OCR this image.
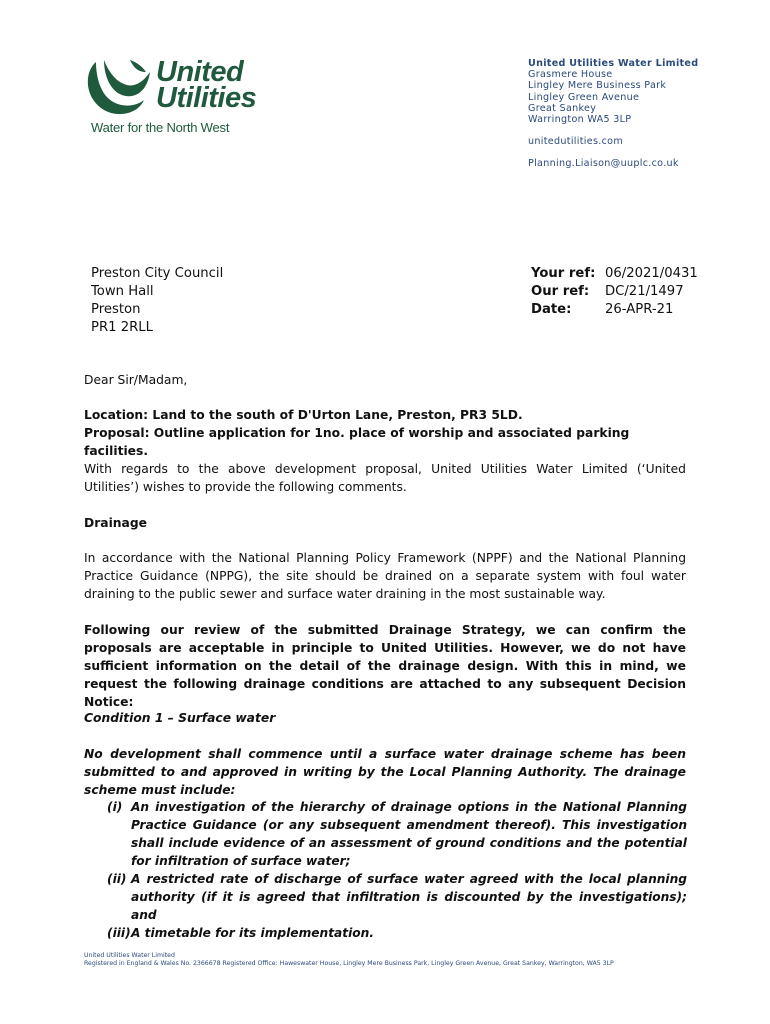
United
Utilities
Water for the North West
United Utilities Water Limited
Grasmere House
Lingley Mere Business Park
Lingley Green Avenue
Great Sankey
Warrington WA5 3LP
unitedutilities.com
Planning.Liaison@uuplc.co.uk
Preston City Council
Town Hall
Preston
PR1 2RLL
Your ref: 06/2021/0431
Our ref:	DC/21/1497
Date:	26-APR-21
Dear Sir/Madam,
Location: Land to the south of D'Urton Lane, Preston, PR3 5LD.
Proposal: Outline application for 1no. place of worship and associated parking facilities.
With regards to the above development proposal, United Utilities Water Limited (‘United Utilities’) wishes to provide the following comments.
Drainage
In accordance with the National Planning Policy Framework (NPPF) and the National Planning Practice Guidance (NPPG), the site should be drained on a separate system with foul water draining to the public sewer and surface water draining in the most sustainable way.
Following our review of the submitted Drainage Strategy, we can confirm the proposals are acceptable in principle to United Utilities. However, we do not have sufficient information on the detail of the drainage design. With this in mind, we request the following drainage conditions are attached to any subsequent Decision Notice:
Condition 1 – Surface water
No development shall commence until a surface water drainage scheme has been submitted to and approved in writing by the Local Planning Authority. The drainage scheme must include:
(i) An investigation of the hierarchy of drainage options in the National Planning Practice Guidance (or any subsequent amendment thereof). This investigation shall include evidence of an assessment of ground conditions and the potential for infiltration of surface water;
(ii) A restricted rate of discharge of surface water agreed with the local planning authority (if it is agreed that infiltration is discounted by the investigations); and
(iii) A timetable for its implementation.
United Utilities Water Limited
Registered in England & Wales No. 2366678 Registered Office: Haweswater House, Lingley Mere Business Park, Lingley Green Avenue, Great Sankey, Warrington, WA5 3LP
